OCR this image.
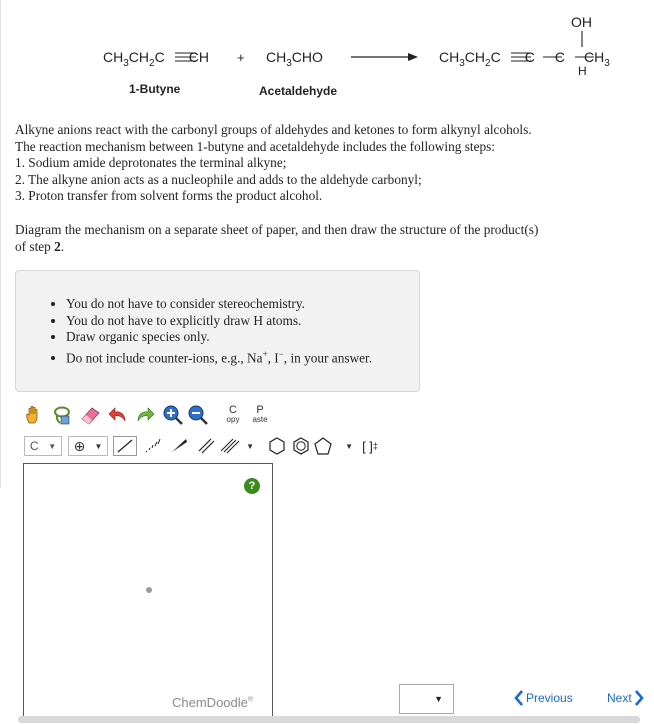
$CH_3CH_2C$ CH + $CH_3CHO$	$CH_3CH_2C$ C C $CH_3$
OH
H
1-Butyne	Acetaldehyde

Alkyne anions react with the carbonyl groups of aldehydes and ketones to form alkynyl alcohols.

The reaction mechanism between 1-butyne and acetaldehyde includes the following steps:

1. Sodium amide deprotonates the terminal alkyne;

2. The alkyne anion acts as a nucleophile and adds to the aldehyde carbonyl;

3. Proton transfer from solvent forms the product alcohol.

Diagram the mechanism on a separate sheet of paper, and then draw the structure of the product(s)

of step 2.

• You do not have to consider stereochemistry.
• You do not have to explicitly draw H atoms.
• Draw organic species only.
• Do not include counter-ions, e.g., Na+, I−, in your answer.
C
opy
P
aste
C ▼ ⊕ ▼	▼	▼ [ ] ‡
?
ChemDoodle®	▼	Previous	Next
